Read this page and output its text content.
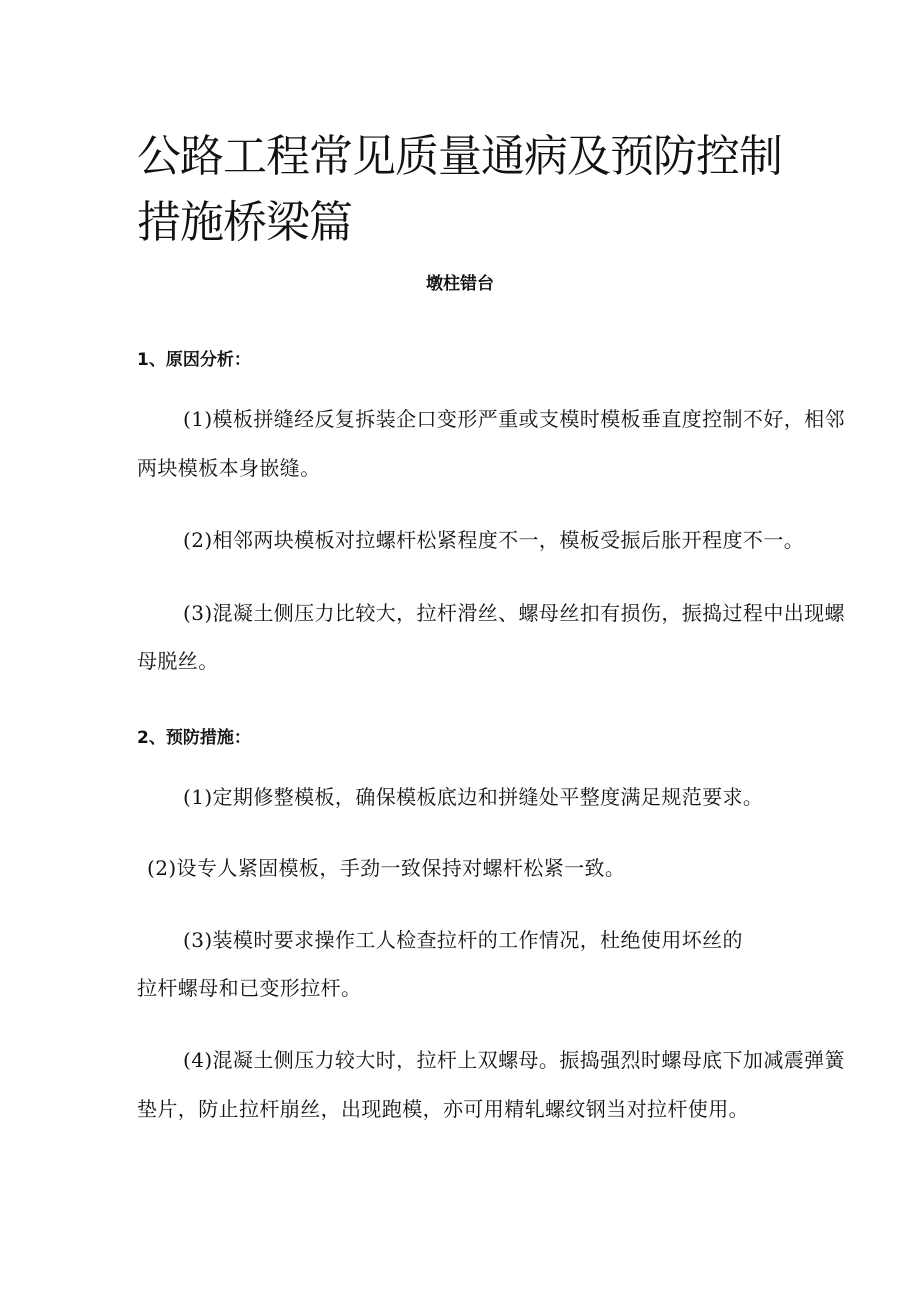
公路工程常见质量通病及预防控制
措施桥梁篇
墩柱错台
1、原因分析：
(1)模板拼缝经反复拆装企口变形严重或支模时模板垂直度控制不好，相邻
两块模板本身嵌缝。
(2)相邻两块模板对拉螺杆松紧程度不一，模板受振后胀开程度不一。
(3)混凝土侧压力比较大，拉杆滑丝、螺母丝扣有损伤，振捣过程中出现螺
母脱丝。
2、预防措施：
(1)定期修整模板，确保模板底边和拼缝处平整度满足规范要求。
(2)设专人紧固模板，手劲一致保持对螺杆松紧一致。
(3)装模时要求操作工人检查拉杆的工作情况，杜绝使用坏丝的
拉杆螺母和已变形拉杆。
(4)混凝土侧压力较大时，拉杆上双螺母。振捣强烈时螺母底下加减震弹簧
垫片，防止拉杆崩丝，出现跑模，亦可用精轧螺纹钢当对拉杆使用。
